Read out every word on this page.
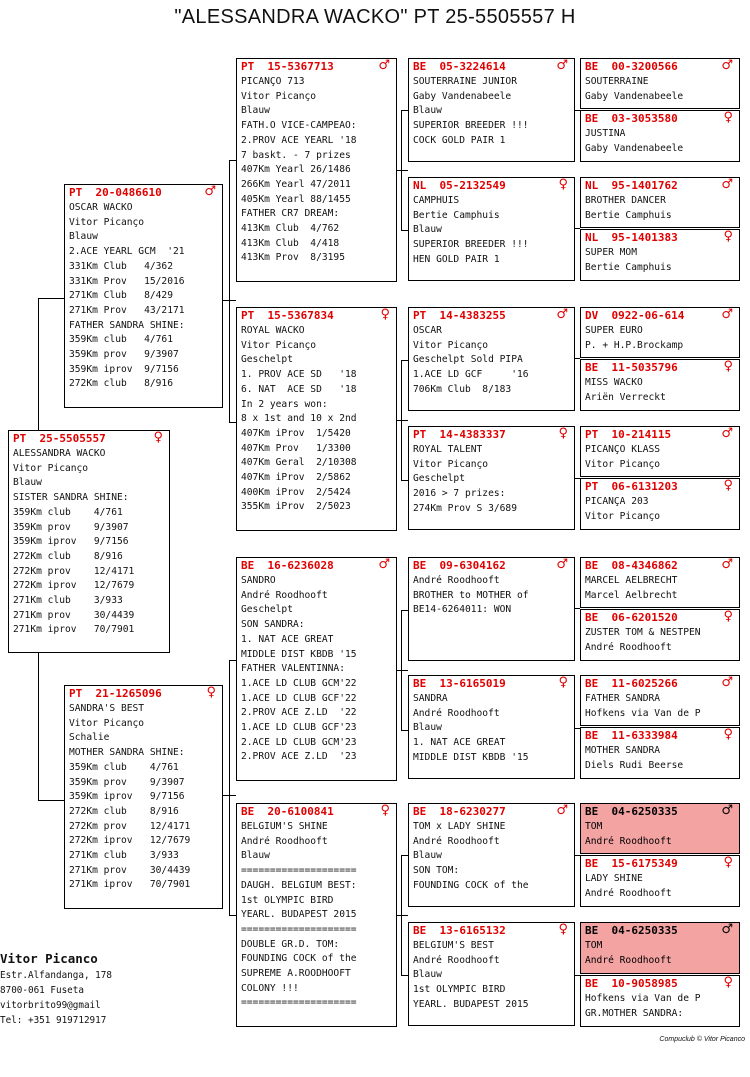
"ALESSANDRA WACKO" PT 25-5505557 H
PT  25-5505557	♀
ALESSANDRA WACKO
Vitor Picanço
Blauw
SISTER SANDRA SHINE:
359Km club    4/761
359Km prov    9/3907
359Km iprov   9/7156
272Km club    8/916
272Km prov    12/4171
272Km iprov   12/7679
271Km club    3/933
271Km prov    30/4439
271Km iprov   70/7901
PT  20-0486610	♂
OSCAR WACKO
Vitor Picanço
Blauw
2.ACE YEARL GCM  '21
331Km Club   4/362
331Km Prov   15/2016
271Km Club   8/429
271Km Prov   43/2171
FATHER SANDRA SHINE:
359Km club   4/761
359Km prov   9/3907
359Km iprov  9/7156
272Km club   8/916
PT  21-1265096	♀
SANDRA'S BEST
Vitor Picanço
Schalie
MOTHER SANDRA SHINE:
359Km club    4/761
359Km prov    9/3907
359Km iprov   9/7156
272Km club    8/916
272Km prov    12/4171
272Km iprov   12/7679
271Km club    3/933
271Km prov    30/4439
271Km iprov   70/7901
PT  15-5367713	♂
PICANÇO 713
Vitor Picanço
Blauw
FATH.O VICE-CAMPEAO:
2.PROV ACE YEARL '18
7 baskt. - 7 prizes
407Km Yearl 26/1486
266Km Yearl 47/2011
405Km Yearl 88/1455
FATHER CR7 DREAM:
413Km Club  4/762
413Km Club  4/418
413Km Prov  8/3195
PT  15-5367834	♀
ROYAL WACKO
Vitor Picanço
Geschelpt
1. PROV ACE SD   '18
6. NAT  ACE SD   '18
In 2 years won:
8 x 1st and 10 x 2nd
407Km iProv  1/5420
407Km Prov   1/3300
407Km Geral  2/10308
407Km iProv  2/5862
400Km iProv  2/5424
355Km iProv  2/5023
BE  16-6236028	♂
SANDRO
André Roodhooft
Geschelpt
SON SANDRA:
1. NAT ACE GREAT
MIDDLE DIST KBDB '15
FATHER VALENTINNA:
1.ACE LD CLUB GCM'22
1.ACE LD CLUB GCF'22
2.PROV ACE Z.LD  '22
1.ACE LD CLUB GCF'23
2.ACE LD CLUB GCM'23
2.PROV ACE Z.LD  '23
BE  20-6100841	♀
BELGIUM'S SHINE
André Roodhooft
Blauw
====================
DAUGH. BELGIUM BEST:
1st OLYMPIC BIRD
YEARL. BUDAPEST 2015
====================
DOUBLE GR.D. TOM:
FOUNDING COCK of the
SUPREME A.ROODHOOFT
COLONY !!!
====================
BE  05-3224614	♂
SOUTERRAINE JUNIOR
Gaby Vandenabeele
Blauw
SUPERIOR BREEDER !!!
COCK GOLD PAIR 1
NL  05-2132549	♀
CAMPHUIS
Bertie Camphuis
Blauw
SUPERIOR BREEDER !!!
HEN GOLD PAIR 1
PT  14-4383255	♂
OSCAR
Vitor Picanço
Geschelpt Sold PIPA
1.ACE LD GCF     '16
706Km Club  8/183
PT  14-4383337	♀
ROYAL TALENT
Vitor Picanço
Geschelpt
2016 > 7 prizes:
274Km Prov S 3/689
BE  09-6304162	♂
André Roodhooft
BROTHER to MOTHER of
BE14-6264011: WON
BE  13-6165019	♀
SANDRA
André Roodhooft
Blauw
1. NAT ACE GREAT
MIDDLE DIST KBDB '15
BE  18-6230277	♂
TOM x LADY SHINE
André Roodhooft
Blauw
SON TOM:
FOUNDING COCK of the
BE  13-6165132	♀
BELGIUM'S BEST
André Roodhooft
Blauw
1st OLYMPIC BIRD
YEARL. BUDAPEST 2015
BE  00-3200566	♂
SOUTERRAINE
Gaby Vandenabeele
BE  03-3053580	♀
JUSTINA
Gaby Vandenabeele
NL  95-1401762	♂
BROTHER DANCER
Bertie Camphuis
NL  95-1401383	♀
SUPER MOM
Bertie Camphuis
DV  0922-06-614	♂
SUPER EURO
P. + H.P.Brockamp
BE  11-5035796	♀
MISS WACKO
Ariën Verreckt
PT  10-214115	♂
PICANÇO KLASS
Vitor Picanço
PT  06-6131203	♀
PICANÇA 203
Vitor Picanço
BE  08-4346862	♂
MARCEL AELBRECHT
Marcel Aelbrecht
BE  06-6201520	♀
ZUSTER TOM & NESTPEN
André Roodhooft
BE  11-6025266	♂
FATHER SANDRA
Hofkens via Van de P
BE  11-6333984	♀
MOTHER SANDRA
Diels Rudi Beerse
BE  04-6250335	♂
TOM
André Roodhooft
BE  15-6175349	♀
LADY SHINE
André Roodhooft
BE  04-6250335	♂
TOM
André Roodhooft
BE  10-9058985	♀
Hofkens via Van de P
GR.MOTHER SANDRA:
Vitor Picanco
Estr.Alfandanga, 178
8700-061 Fuseta
vitorbrito99@gmail
Tel: +351 919712917
Compuclub © Vitor Picanco
